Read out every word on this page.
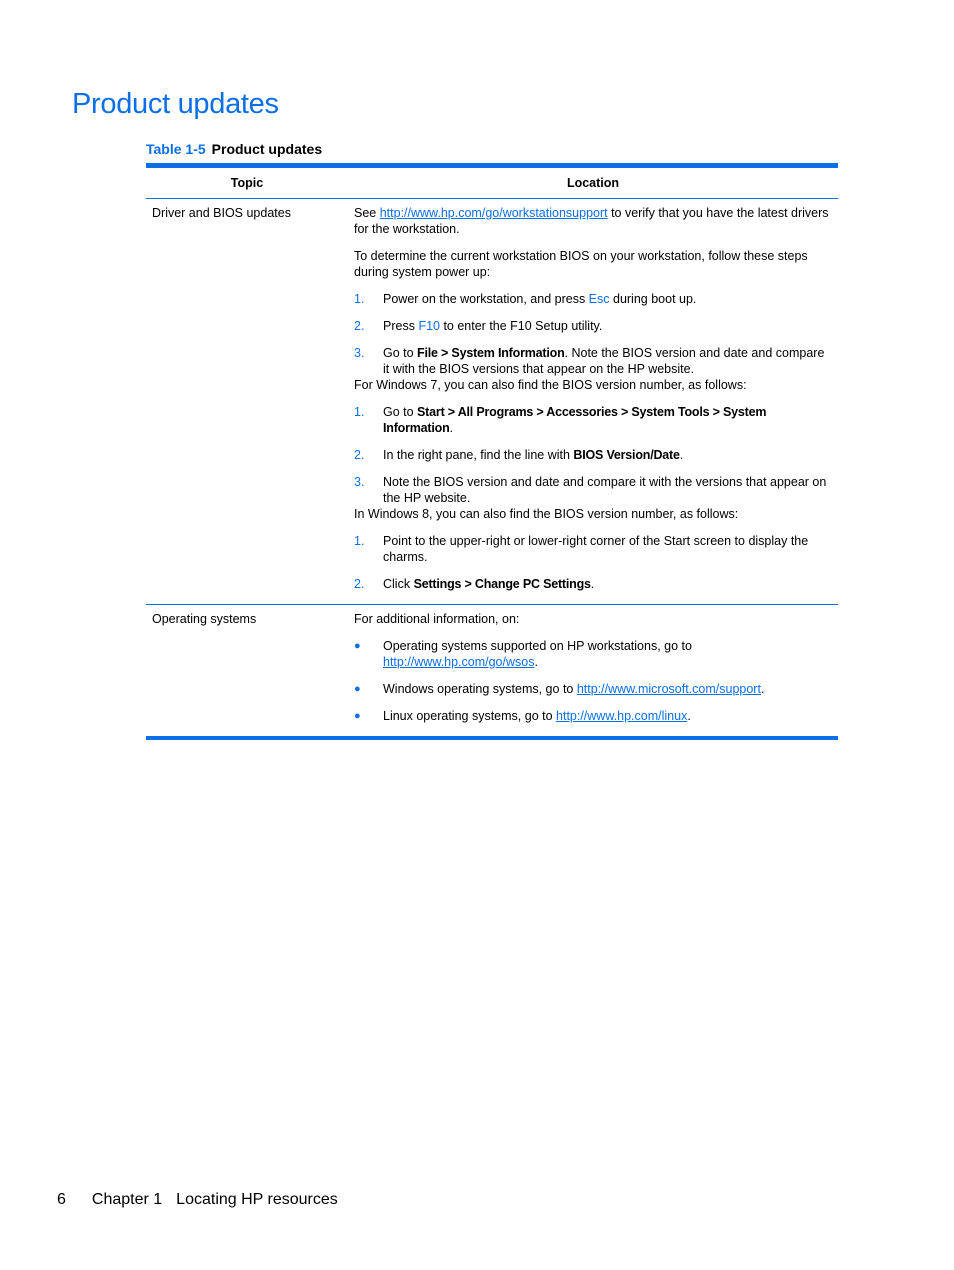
Product updates
Table 1-5 Product updates
Topic	Location
Driver and BIOS updates	See http://www.hp.com/go/workstationsupport to verify that you have the latest drivers for the workstation.

To determine the current workstation BIOS on your workstation, follow these steps during system power up:

1.	Power on the workstation, and press Esc during boot up.
2.	Press F10 to enter the F10 Setup utility.
3.	Go to File > System Information. Note the BIOS version and date and compare it with the BIOS versions that appear on the HP website.

For Windows 7, you can also find the BIOS version number, as follows:

1.	Go to Start > All Programs > Accessories > System Tools > System Information.
2.	In the right pane, find the line with BIOS Version/Date.
3.	Note the BIOS version and date and compare it with the versions that appear on the HP website.

In Windows 8, you can also find the BIOS version number, as follows:

1.	Point to the upper-right or lower-right corner of the Start screen to display the charms.
2.	Click Settings > Change PC Settings.
Operating systems	For additional information, on:

●	Operating systems supported on HP workstations, go to http://www.hp.com/go/wsos.
●	Windows operating systems, go to http://www.microsoft.com/support.
●	Linux operating systems, go to http://www.hp.com/linux.
6 Chapter 1 Locating HP resources
